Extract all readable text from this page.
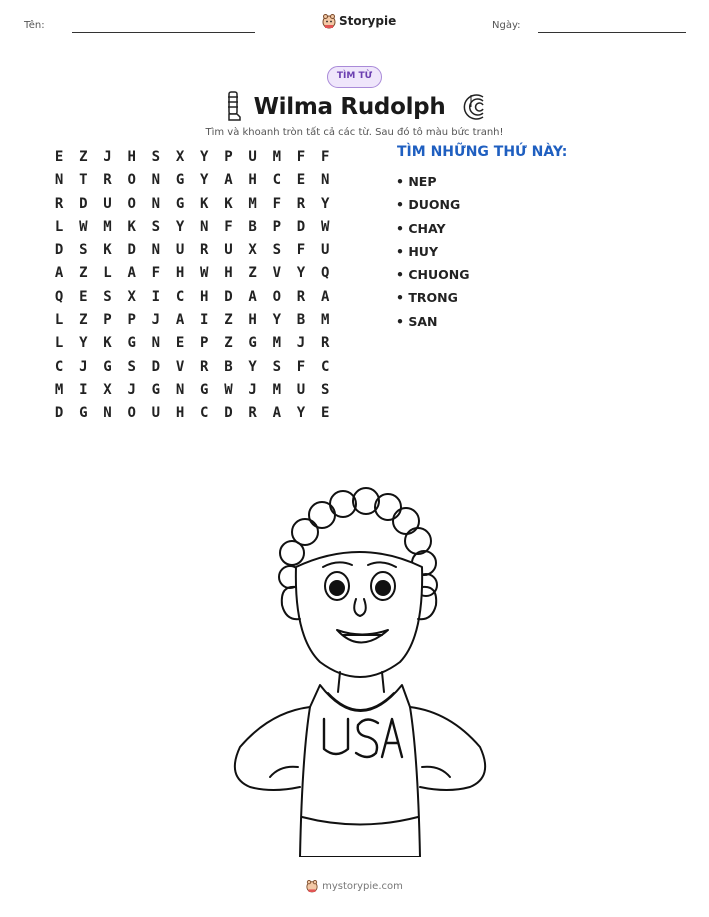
Tên:	Storypie	Ngày:
TÌM TỪ
Wilma Rudolph
Tìm và khoanh tròn tất cả các từ. Sau đó tô màu bức tranh!
E	Z	J	H	S	X	Y	P	U	M	F	F
N	T	R	O	N	G	Y	A	H	C	E	N
R	D	U	O	N	G	K	K	M	F	R	Y
L	W	M	K	S	Y	N	F	B	P	D	W
D	S	K	D	N	U	R	U	X	S	F	U
A	Z	L	A	F	H	W	H	Z	V	Y	Q
Q	E	S	X	I	C	H	D	A	O	R	A
L	Z	P	P	J	A	I	Z	H	Y	B	M
L	Y	K	G	N	E	P	Z	G	M	J	R
C	J	G	S	D	V	R	B	Y	S	F	C
M	I	X	J	G	N	G	W	J	M	U	S
D	G	N	O	U	H	C	D	R	A	Y	E
TÌM NHỮNG THỨ NÀY:
• NEP
• DUONG
• CHAY
• HUY
• CHUONG
• TRONG
• SAN
mystorypie.com
